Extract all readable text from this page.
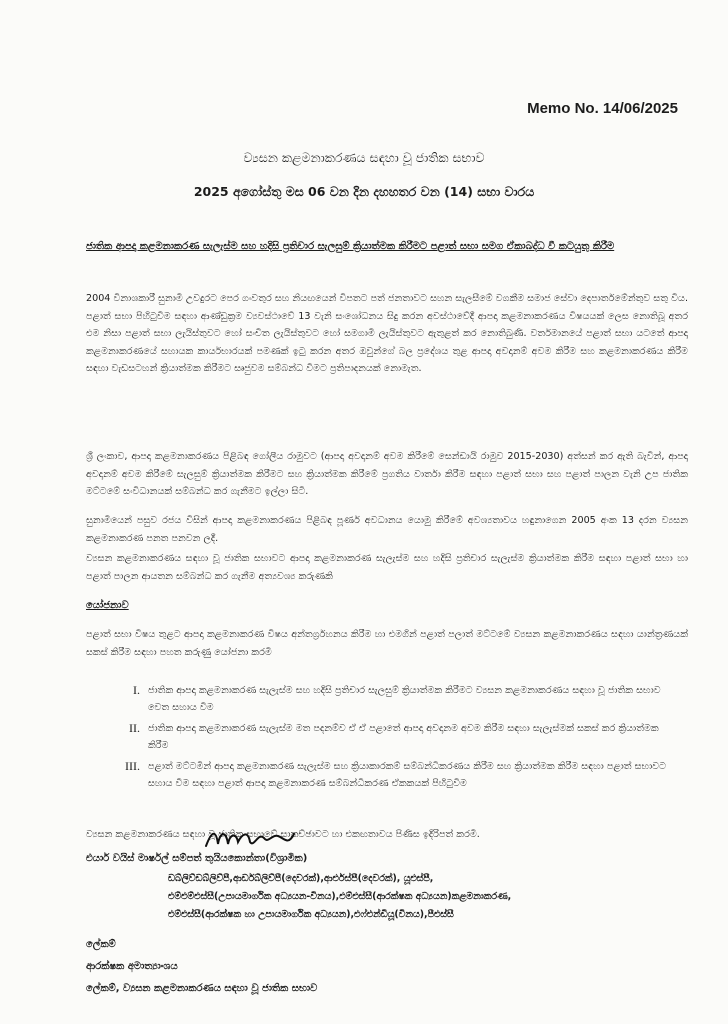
Memo No. 14/06/2025
ව්‍යසන කළමනාකරණය සඳහා වූ ජාතික සභාව
2025 අගෝස්තු මස 06 වන දින දහහතර වන (14) සභා වාරය
ජාතික ආපදා කළමනාකරණ සැලැස්ම සහ හදිසි ප්‍රතිචාර සැලසුම් ක්‍රියාත්මක කිරීමට පළාත් සභා සමග ඒකාබද්ධ වී කටයුතු කිරීම
2004 විනාශකාරී සුනාමි උවදුරට පෙර ගංවතුර සහ නියඟයෙන් විපතට පත් ජනතාවට සහන සැලසීමේ වගකීම සමාජ සේවා දෙපාර්තමේන්තුව සතු විය. පළාත් සභා පිහිටුවීම සඳහා ආණ්ඩුක්‍රම ව්‍යවස්ථාවේ 13 වැනි සංශෝධනය සිදු කරන අවස්ථාවේදී ආපදා කළමනාකරණය විෂයයක් ලෙස නොතිබූ අතර එම නිසා පළාත් සභා ලැයිස්තුවට හෝ සංචිත ලැයිස්තුවට හෝ සමගාමී ලැයිස්තුවට ඇතුළත් කර නොතිබුණි. වර්තමානයේ පළාත් සභා යටතේ ආපදා කළමනාකරණයේ සහායක කාර්යභාරයක් පමණක් ඉටු කරන අතර ඔවුන්ගේ බල ප්‍රදේශය තුළ ආපදා අවදානම් අවම කිරීම සහ කළමනාකරණය කිරීම සඳහා වැඩසටහන් ක්‍රියාත්මක කිරීමට සෘජුවම සම්බන්ධ වීමට ප්‍රතිපාදනයක් නොමැත.
ශ්‍රී ලංකාව, ආපදා කළමනාකරණය පිළිබඳ ගෝලීය රාමුවට (ආපදා අවදානම් අවම කිරීමේ සෙන්ඩායි රාමුව 2015-2030) අත්සන් කර ඇති බැවින්, ආපදා අවදානම් අවම කිරීමේ සැලසුම් ක්‍රියාත්මක කිරීමට සහ ක්‍රියාත්මක කිරීමේ ප්‍රගතිය වාර්තා කිරීම සඳහා පළාත් සභා සහ පළාත් පාලන වැනි උප ජාතික මට්ටමේ සංවිධානයක් සම්බන්ධ කර ගැනීමට ඉල්ලා සිටී.
සුනාමියෙන් පසුව රජය විසින් ආපදා කළමනාකරණය පිළිබඳ පූර්ණ අවධානය යොමු කිරීමේ අවශ්‍යතාවය හඳුනාගෙන 2005 අංක 13 දරන ව්‍යසන කළමනාකරණ පනත පනවන ලදී.
ව්‍යසන කළමනාකරණය සඳහා වූ ජාතික සභාවට ආපදා කළමනාකරණ සැලැස්ම සහ හදිසි ප්‍රතිචාර සැලැස්ම ක්‍රියාත්මක කිරීම සඳහා පළාත් සභා හා පළාත් පාලන ආයතන සම්බන්ධ කර ගැනීම අත්‍යවශ්‍ය කරුණකි
යෝජනාව
පළාත් සභා විෂය තුළට ආපදා කළමනාකරණ විෂය අන්තර්ග්‍රහනය කිරීම හා එමගින් පළාත් පලාත් මට්ටමේ ව්‍යසන කළමනාකරණය සඳහා යාන්ත්‍රණයක් සකස් කිරීම සඳහා පහත කරුණු යෝජනා කරමි
I. ජාතික ආපදා කළමනාකරණ සැලැස්ම සහ හදිසි ප්‍රතිචාර සැලසුම් ක්‍රියාත්මක කිරීමට ව්‍යසන කළමනාකරණය සඳහා වූ ජාතික සභාව වෙත සහාය වීම
II. ජාතික ආපදා කළමනාකරණ සැලැස්ම මත පදනම්ව ඒ ඒ පළාතේ ආපදා අවදානම අවම කිරීම සඳහා සැලැස්මක් සකස් කර ක්‍රියාත්මක කිරීම
III. පළාත් මට්ටමින් ආපදා කළමනාකරණ සැලැස්ම සහ ක්‍රියාකාරකම් සම්බන්ධීකරණය කිරීම සහ ක්‍රියාත්මක කිරීම සඳහා පළාත් සභාවට සහාය වීම සඳහා පළාත් ආපදා කළමනාකරණ සම්බන්ධීකරණ ඒකකයක් පිහිටුවීම
ව්‍යසන කළමනාකරණය සඳහා වූ ජාතික සභාවේ සාකච්ඡාවට හා එකඟතාවය පිණිස ඉදිරිපත් කරමි.
එයාර් වයිස් මාර්ෂල් සම්පත් තුයියකොන්තා(විශ්‍රාමික)
ඩබ්ලිව්ඩබ්ලිව්පී,ආර්ඩබ්ලිව්පී(දෙවරක්),ආර්එස්පී(දෙවරක්), යූඑස්පී,
එම්එම්එස්සී(උපායමාර්ගික අධ්‍යයන-විනය),එම්එස්සී(ආරක්ෂක අධ්‍යයන)කළමනාකරණ,
එම්එස්සී(ආරක්ෂක හා උපායමාර්ගික අධ්‍යයන),එෆ්එන්ඩීයූ(විනය),පීඑස්සී
ලේකම්
ආරක්ෂක අමාත්‍යාංශය
ලේකම්, ව්‍යසන කළමනාකරණය සඳහා වූ ජාතික සභාව
